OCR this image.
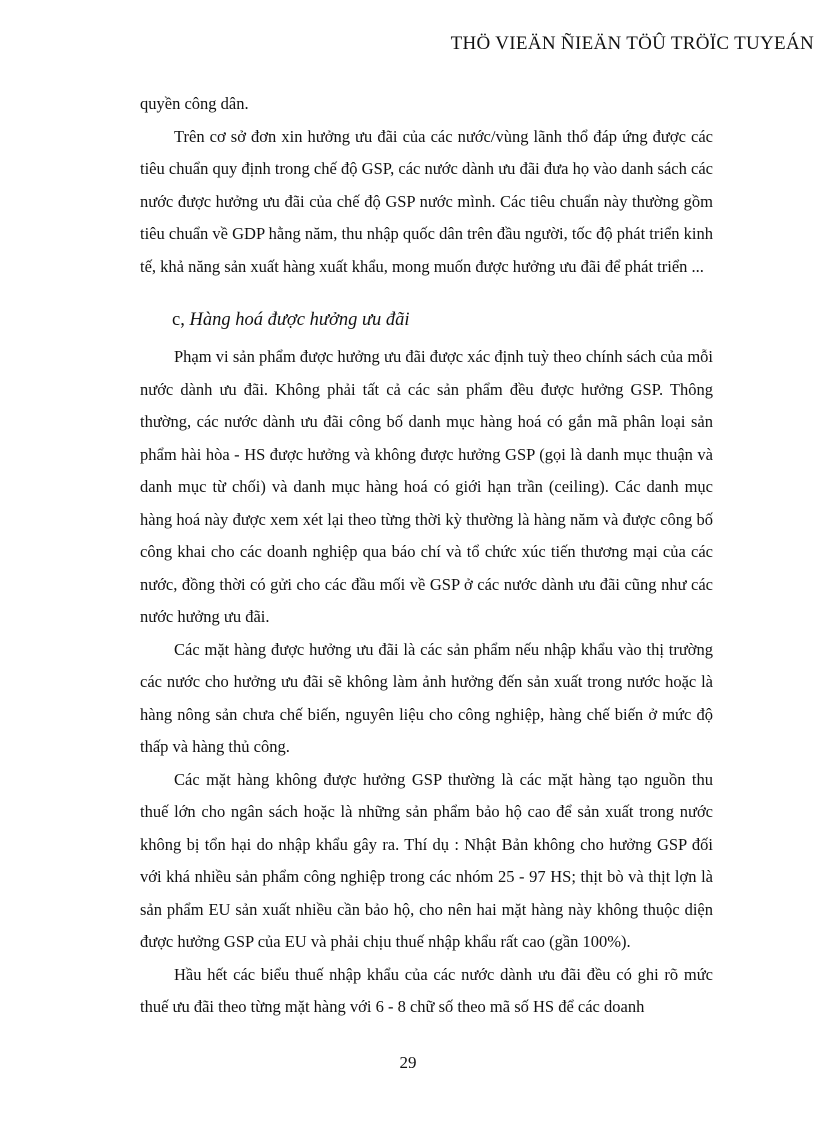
THÖ VIEÄN ÑIEÄN TÖÛ TRÖÏC TUYEÁN

quyền công dân.

Trên cơ sở đơn xin hưởng ưu đãi của các nước/vùng lãnh thổ đáp ứng được các tiêu chuẩn quy định trong chế độ GSP, các nước dành ưu đãi đưa họ vào danh sách các nước được hưởng ưu đãi của chế độ GSP nước mình. Các tiêu chuẩn này thường gồm tiêu chuẩn về GDP hằng năm, thu nhập quốc dân trên đầu người, tốc độ phát triển kinh tế, khả năng sản xuất hàng xuất khẩu, mong muốn được hưởng ưu đãi để phát triển ...

c, Hàng hoá được hưởng ưu đãi

Phạm vi sản phẩm được hưởng ưu đãi được xác định tuỳ theo chính sách của mỗi nước dành ưu đãi. Không phải tất cả các sản phẩm đều được hưởng GSP. Thông thường, các nước dành ưu đãi công bố danh mục hàng hoá có gắn mã phân loại sản phẩm hài hòa - HS được hưởng và không được hưởng GSP (gọi là danh mục thuận và danh mục từ chối) và danh mục hàng hoá có giới hạn trần (ceiling). Các danh mục hàng hoá này được xem xét lại theo từng thời kỳ thường là hàng năm và được công bố công khai cho các doanh nghiệp qua báo chí và tổ chức xúc tiến thương mại của các nước, đồng thời có gửi cho các đầu mối về GSP ở các nước dành ưu đãi cũng như các nước hưởng ưu đãi.

Các mặt hàng được hưởng ưu đãi là các sản phẩm nếu nhập khẩu vào thị trường các nước cho hưởng ưu đãi sẽ không làm ảnh hưởng đến sản xuất trong nước hoặc là hàng nông sản chưa chế biến, nguyên liệu cho công nghiệp, hàng chế biến ở mức độ thấp và hàng thủ công.

Các mặt hàng không được hưởng GSP thường là các mặt hàng tạo nguồn thu thuế lớn cho ngân sách hoặc là những sản phẩm bảo hộ cao để sản xuất trong nước không bị tổn hại do nhập khẩu gây ra. Thí dụ : Nhật Bản không cho hưởng GSP đối với khá nhiều sản phẩm công nghiệp trong các nhóm 25 - 97 HS; thịt bò và thịt lợn là sản phẩm EU sản xuất nhiều cần bảo hộ, cho nên hai mặt hàng này không thuộc diện được hưởng GSP của EU và phải chịu thuế nhập khẩu rất cao (gần 100%).

Hầu hết các biểu thuế nhập khẩu của các nước dành ưu đãi đều có ghi rõ mức thuế ưu đãi theo từng mặt hàng với 6 - 8 chữ số theo mã số HS để các doanh

29
